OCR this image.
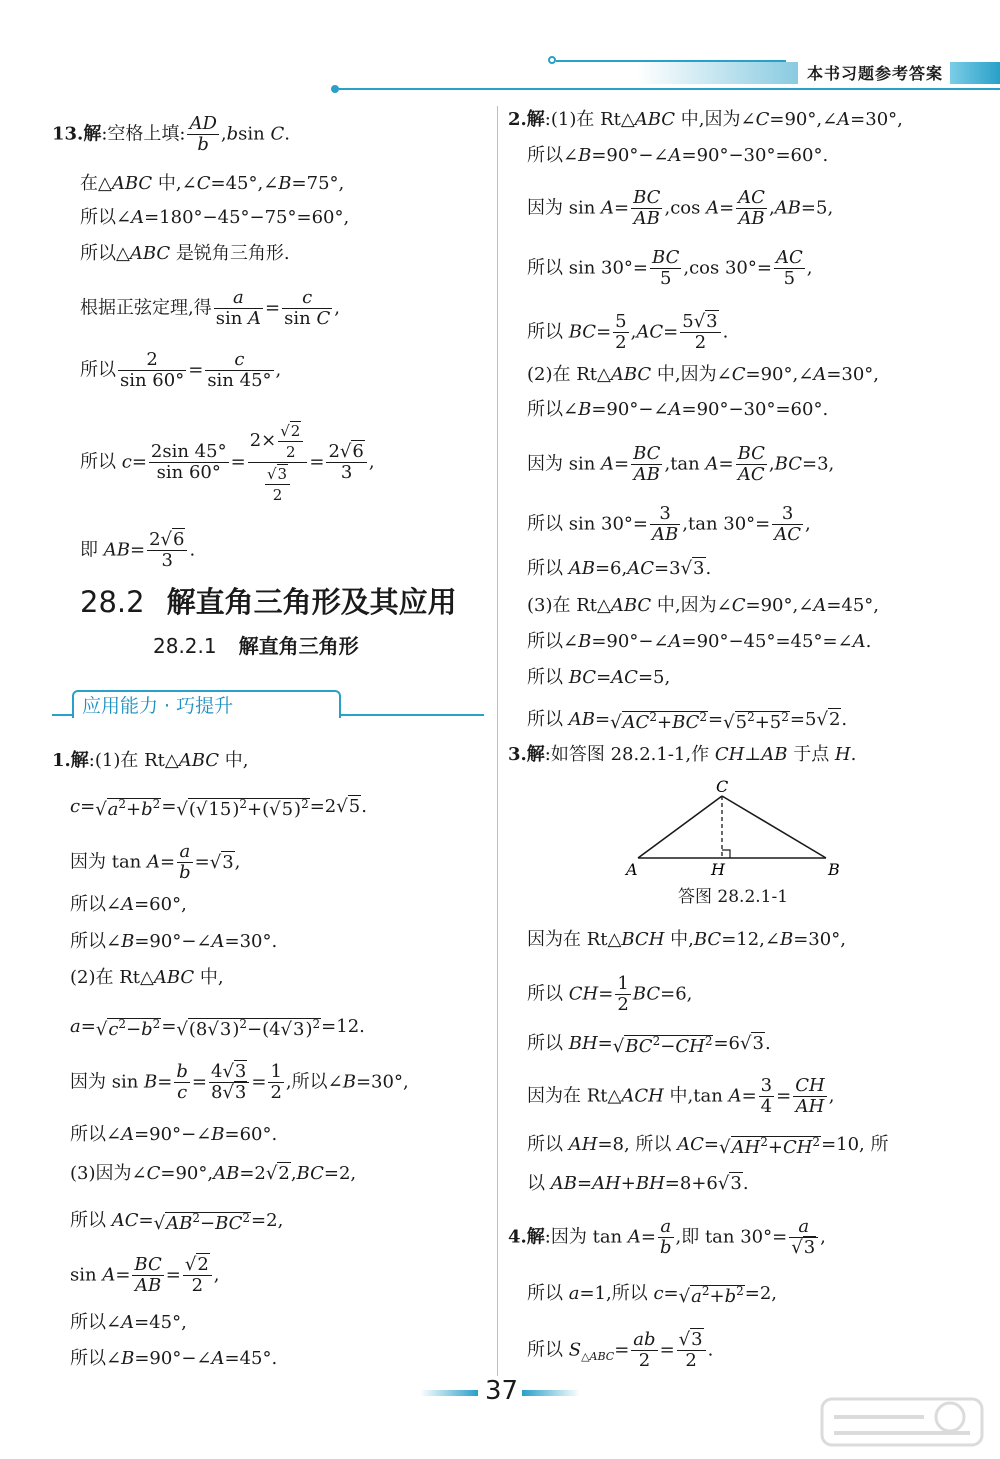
本书习题参考答案
13.解:空格上填: $\frac{AD}{b} ,bsin$ C.
在△ABC 中,∠C=45°,∠B=75°,
所以∠A=180°−45°−75°=60°,
所以△ABC 是锐角三角形.
根据正弦定理,得 $\frac{a}{\text{sin A}} = \frac{c}{\text{sin C}}$ ,
所以 $\frac{2}{\sin 60^\circ} = \frac{c}{\sin 45^\circ}$ ,
所以 $c= \frac{2\sin 45^\circ}{\sin 60^\circ} = \frac{2\times \frac{√2}{2}}{\frac{√3}{2}} = \frac{2√6}{3}$ ,
即 $AB= \frac{2√6}{3}$ .
28.2 解直角三角形及其应用
28.2.1 解直角三角形
应用能力 · 巧提升
1.解:(1)在 Rt△ABC 中,
$c=√a^2+b^2=√(√15)^2+(√5)^2=2√5$.
因为 $\tan A= \frac{a}{b} =√3$,
所以∠A=60°,
所以∠B=90°−∠A=30°.
(2)在 Rt△ABC 中,
$a=√c^2-b^2=√(8√3)^2-(4√3)^2=12$.
因为 $\sin B= \frac{b}{c} = \frac{4√3}{8√3} = \frac{1}{2}$ ,所以∠B=30°,
所以∠A=90°−∠B=60°.
(3)因为∠C=90°,AB=2√2,BC=2,
所以 $AC=√AB^2-BC^2=2$,
$\sin A= \frac{BC}{AB} = \frac{√2}{2}$ ,
所以∠A=45°,
所以∠B=90°−∠A=45°.
2.解:(1)在 Rt△ABC 中,因为∠C=90°,∠A=30°,
所以∠B=90°−∠A=90°−30°=60°.
因为 $\sin A= \frac{BC}{AB} ,\cos$ $A= \frac{AC}{AB} ,AB=5$,
所以 $\sin 30^\circ= \frac{BC}{5} ,\cos$ $30^\circ= \frac{AC}{5}$ ,
所以 $BC= \frac{5}{2} ,AC= \frac{5√3}{2}$ .
(2)在 Rt△ABC 中,因为∠C=90°,∠A=30°,
所以∠B=90°−∠A=90°−30°=60°.
因为 $\sin A= \frac{BC}{AB} ,\tan$ $A= \frac{BC}{AC} ,BC=3$,
所以 $\sin 30^\circ= \frac{3}{AB} ,\tan$ $30^\circ= \frac{3}{AC}$ ,
所以 AB=6,AC=3√3.
(3)在 Rt△ABC 中,因为∠C=90°,∠A=45°,
所以∠B=90°−∠A=90°−45°=45°=∠A.
所以 BC=AC=5,
所以 $AB=√AC^2+BC^2=√5^2+5^2=5√2$.
3.解:如答图 28.2.1-1,作 CH⊥AB 于点 H.
C
A	H	B
答图 28.2.1-1
因为在 Rt△BCH 中,BC=12,∠B=30°,
所以 $CH= \frac{1}{2} BC=6$,
所以 $BH=√BC^2-CH^2=6√3$.
因为在 Rt△ACH 中,tan $A= \frac{3}{4} = \frac{CH}{AH}$ ,
所以 AH=8, 所以 $AC=√AH^2+CH^2=10$, 所
以 AB=AH+BH=8+6√3.
4.解:因为 $\tan A= \frac{a}{b}$ ,即 $\tan 30^\circ= \frac{a}{√3}$ ,
所以 a=1,所以 $c=√a^2+b^2=2$,
所以 $S_{\triangle ABC}= \frac{ab}{2} = \frac{√3}{2}$ .
37
